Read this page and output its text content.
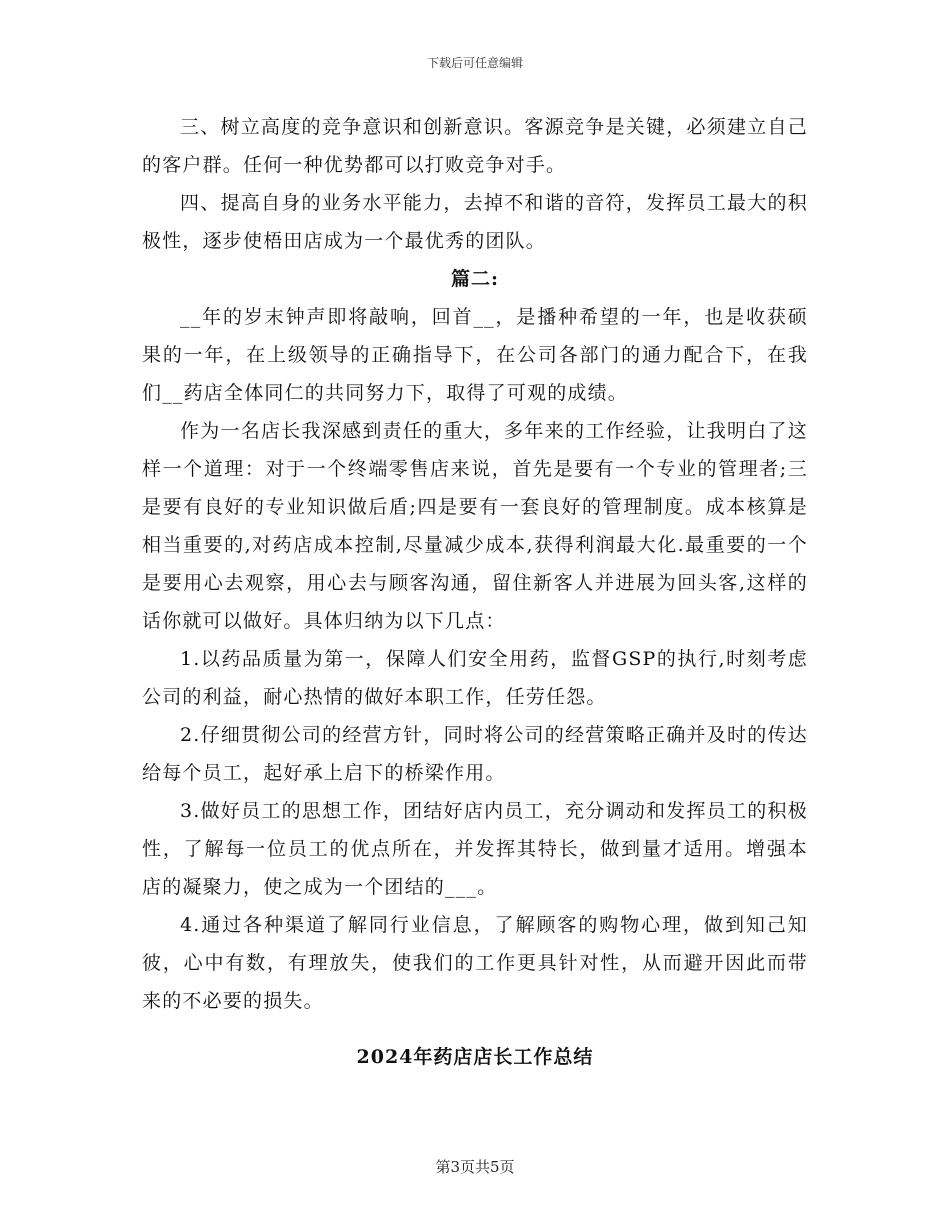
下载后可任意编辑

三、树立高度的竞争意识和创新意识。客源竞争是关键，必须建立自己的客户群。任何一种优势都可以打败竞争对手。

四、提高自身的业务水平能力，去掉不和谐的音符，发挥员工最大的积极性，逐步使梧田店成为一个最优秀的团队。

篇二:

__年的岁末钟声即将敲响，回首__，是播种希望的一年，也是收获硕果的一年，在上级领导的正确指导下，在公司各部门的通力配合下，在我们__药店全体同仁的共同努力下，取得了可观的成绩。

作为一名店长我深感到责任的重大，多年来的工作经验，让我明白了这样一个道理：对于一个终端零售店来说，首先是要有一个专业的管理者;三是要有良好的专业知识做后盾;四是要有一套良好的管理制度。成本核算是相当重要的,对药店成本控制,尽量减少成本,获得利润最大化.最重要的一个是要用心去观察，用心去与顾客沟通，留住新客人并进展为回头客,这样的话你就可以做好。具体归纳为以下几点：

1.以药品质量为第一，保障人们安全用药，监督GSP的执行,时刻考虑公司的利益，耐心热情的做好本职工作，任劳任怨。

2.仔细贯彻公司的经营方针，同时将公司的经营策略正确并及时的传达给每个员工，起好承上启下的桥梁作用。

3.做好员工的思想工作，团结好店内员工，充分调动和发挥员工的积极性，了解每一位员工的优点所在，并发挥其特长，做到量才适用。增强本店的凝聚力，使之成为一个团结的___。

4.通过各种渠道了解同行业信息，了解顾客的购物心理，做到知己知彼，心中有数，有理放失，使我们的工作更具针对性，从而避开因此而带来的不必要的损失。

2024年药店店长工作总结

第3页共5页
